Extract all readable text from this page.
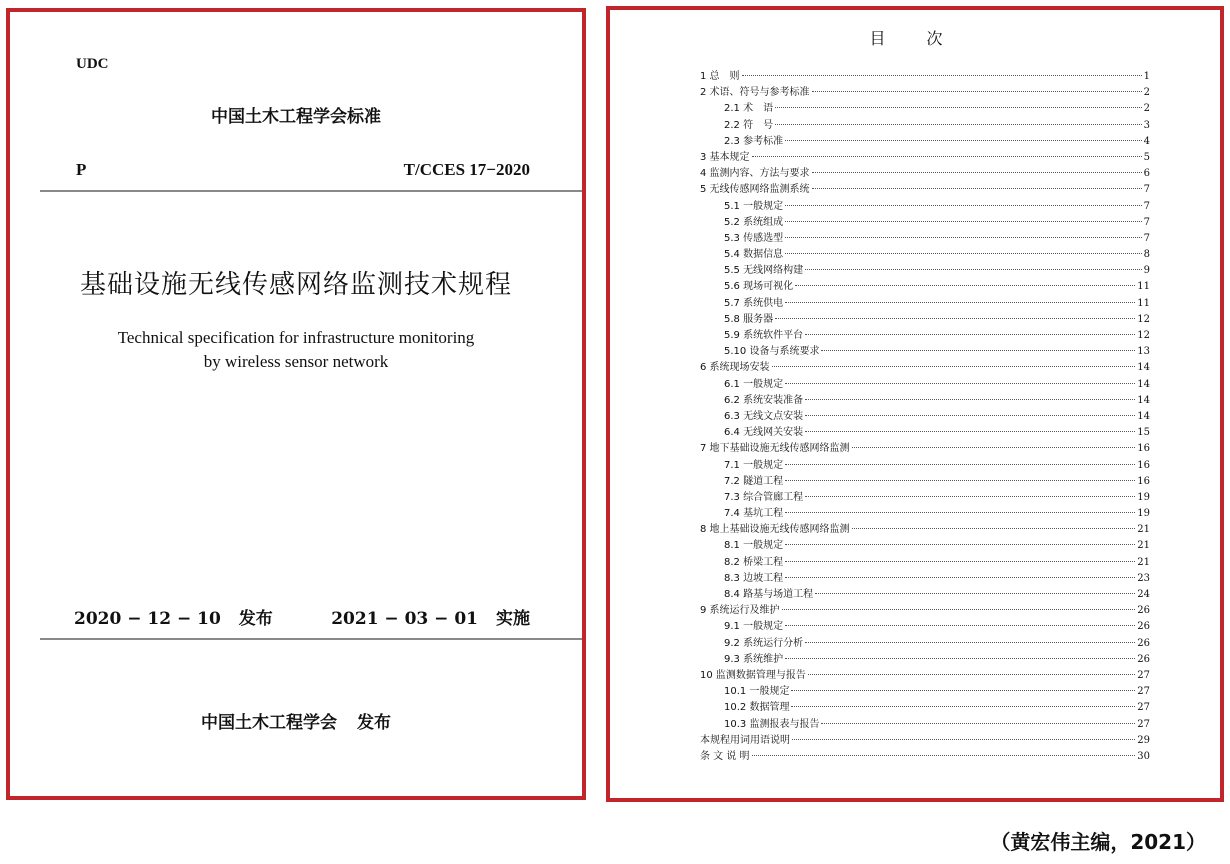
UDC
中国土木工程学会标准
P	T/CCES 17−2020
基础设施无线传感网络监测技术规程
Technical specification for infrastructure monitoring
by wireless sensor network
2020 − 12 − 10 发布	2021 − 03 − 01 实施
中国土木工程学会 发布
目 次
1 总　则	1
2 术语、符号与参考标准	2
2.1 术　语	2
2.2 符　号	3
2.3 参考标准	4
3 基本规定	5
4 监测内容、方法与要求	6
5 无线传感网络监测系统	7
5.1 一般规定	7
5.2 系统组成	7
5.3 传感选型	7
5.4 数据信息	8
5.5 无线网络构建	9
5.6 现场可视化	11
5.7 系统供电	11
5.8 服务器	12
5.9 系统软件平台	12
5.10 设备与系统要求	13
6 系统现场安装	14
6.1 一般规定	14
6.2 系统安装准备	14
6.3 无线文点安装	14
6.4 无线网关安装	15
7 地下基础设施无线传感网络监测	16
7.1 一般规定	16
7.2 隧道工程	16
7.3 综合管廊工程	19
7.4 基坑工程	19
8 地上基础设施无线传感网络监测	21
8.1 一般规定	21
8.2 桥梁工程	21
8.3 边坡工程	23
8.4 路基与场道工程	24
9 系统运行及维护	26
9.1 一般规定	26
9.2 系统运行分析	26
9.3 系统维护	26
10 监测数据管理与报告	27
10.1 一般规定	27
10.2 数据管理	27
10.3 监测报表与报告	27
本规程用词用语说明	29
条 文 说 明	30
（黄宏伟主编，2021）
